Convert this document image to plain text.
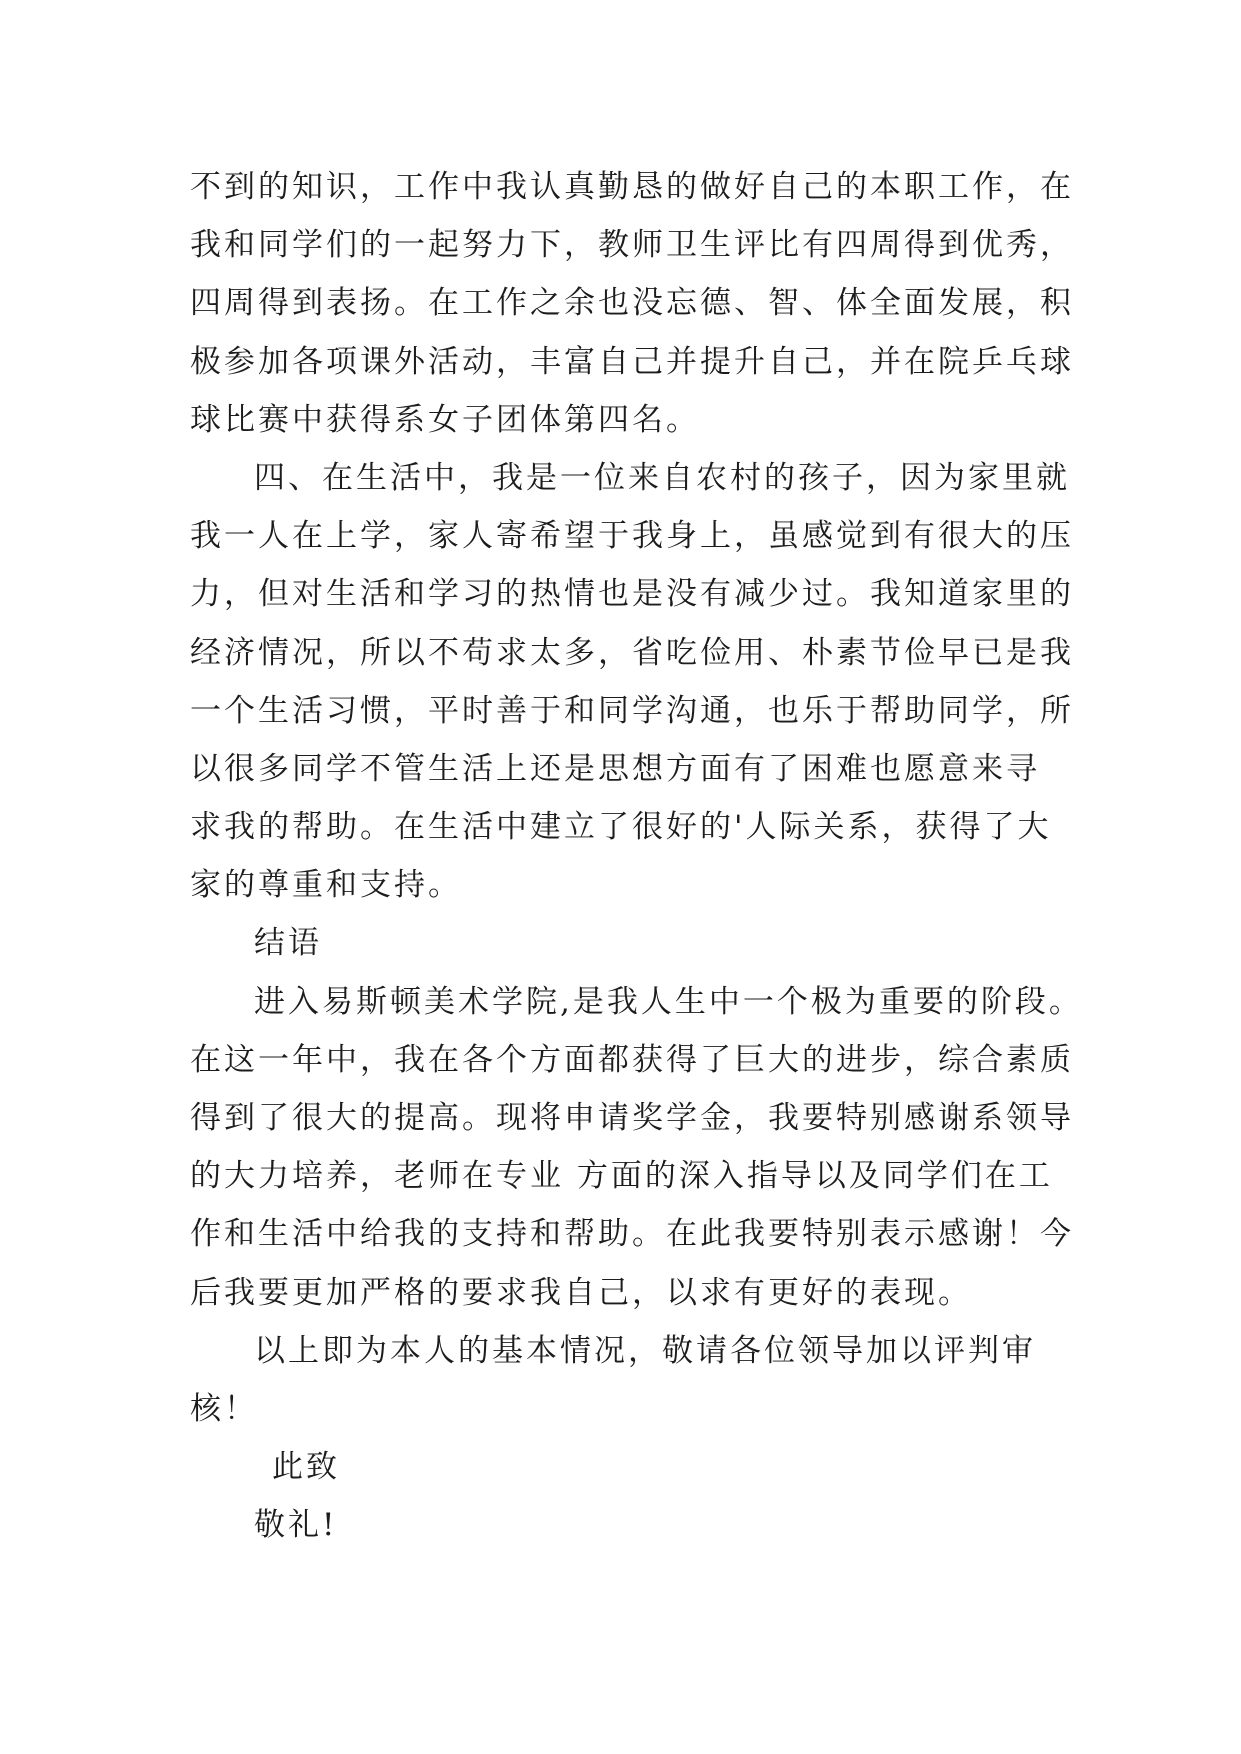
不到的知识，工作中我认真勤恳的做好自己的本职工作，在
我和同学们的一起努力下，教师卫生评比有四周得到优秀，
四周得到表扬。在工作之余也没忘德、智、体全面发展，积
极参加各项课外活动，丰富自己并提升自己，并在院乒乓球
球比赛中获得系女子团体第四名。
四、在生活中，我是一位来自农村的孩子，因为家里就
我一人在上学，家人寄希望于我身上，虽感觉到有很大的压
力，但对生活和学习的热情也是没有减少过。我知道家里的
经济情况，所以不苟求太多，省吃俭用、朴素节俭早已是我
一个生活习惯，平时善于和同学沟通，也乐于帮助同学，所
以很多同学不管生活上还是思想方面有了困难也愿意来寻
求我的帮助。在生活中建立了很好的'人际关系，获得了大
家的尊重和支持。
结语
进入易斯顿美术学院,是我人生中一个极为重要的阶段。
在这一年中，我在各个方面都获得了巨大的进步，综合素质
得到了很大的提高。现将申请奖学金，我要特别感谢系领导
的大力培养，老师在专业 方面的深入指导以及同学们在工
作和生活中给我的支持和帮助。在此我要特别表示感谢！今
后我要更加严格的要求我自己，以求有更好的表现。
以上即为本人的基本情况，敬请各位领导加以评判审
核！
此致
敬礼!
